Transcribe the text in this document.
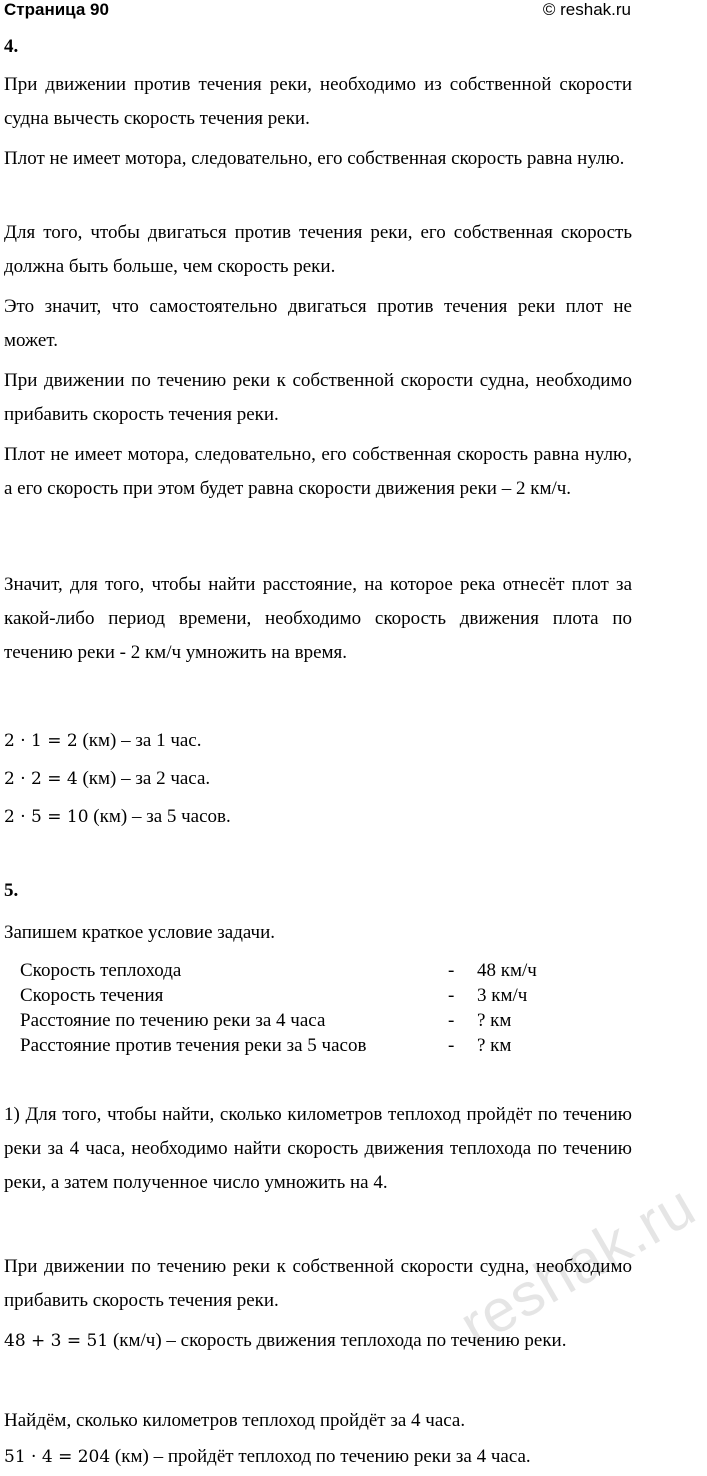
Страница 90	© reshak.ru
4.
При движении против течения реки, необходимо из собственной скорости судна вычесть скорость течения реки.
Плот не имеет мотора, следовательно, его собственная скорость равна нулю.
Для того, чтобы двигаться против течения реки, его собственная скорость должна быть больше, чем скорость реки.
Это значит, что самостоятельно двигаться против течения реки плот не может.
При движении по течению реки к собственной скорости судна, необходимо прибавить скорость течения реки.
Плот не имеет мотора, следовательно, его собственная скорость равна нулю, а его скорость при этом будет равна скорости движения реки – 2 км/ч.
Значит, для того, чтобы найти расстояние, на которое река отнесёт плот за какой-либо период времени, необходимо скорость движения плота по течению реки - 2 км/ч умножить на время.
2 · 1 = 2 (км) – за 1 час.
2 · 2 = 4 (км) – за 2 часа.
2 · 5 = 10 (км) – за 5 часов.
5.
Запишем краткое условие задачи.
Скорость теплохода	-	48 км/ч
Скорость течения	-	3 км/ч
Расстояние по течению реки за 4 часа	-	? км
Расстояние против течения реки за 5 часов	-	? км
1) Для того, чтобы найти, сколько километров теплоход пройдёт по течению реки за 4 часа, необходимо найти скорость движения теплохода по течению реки, а затем полученное число умножить на 4.
При движении по течению реки к собственной скорости судна, необходимо прибавить скорость течения реки.
48 + 3 = 51 (км/ч) – скорость движения теплохода по течению реки.
Найдём, сколько километров теплоход пройдёт за 4 часа.
51 · 4 = 204 (км) – пройдёт теплоход по течению реки за 4 часа.
reshak.ru
